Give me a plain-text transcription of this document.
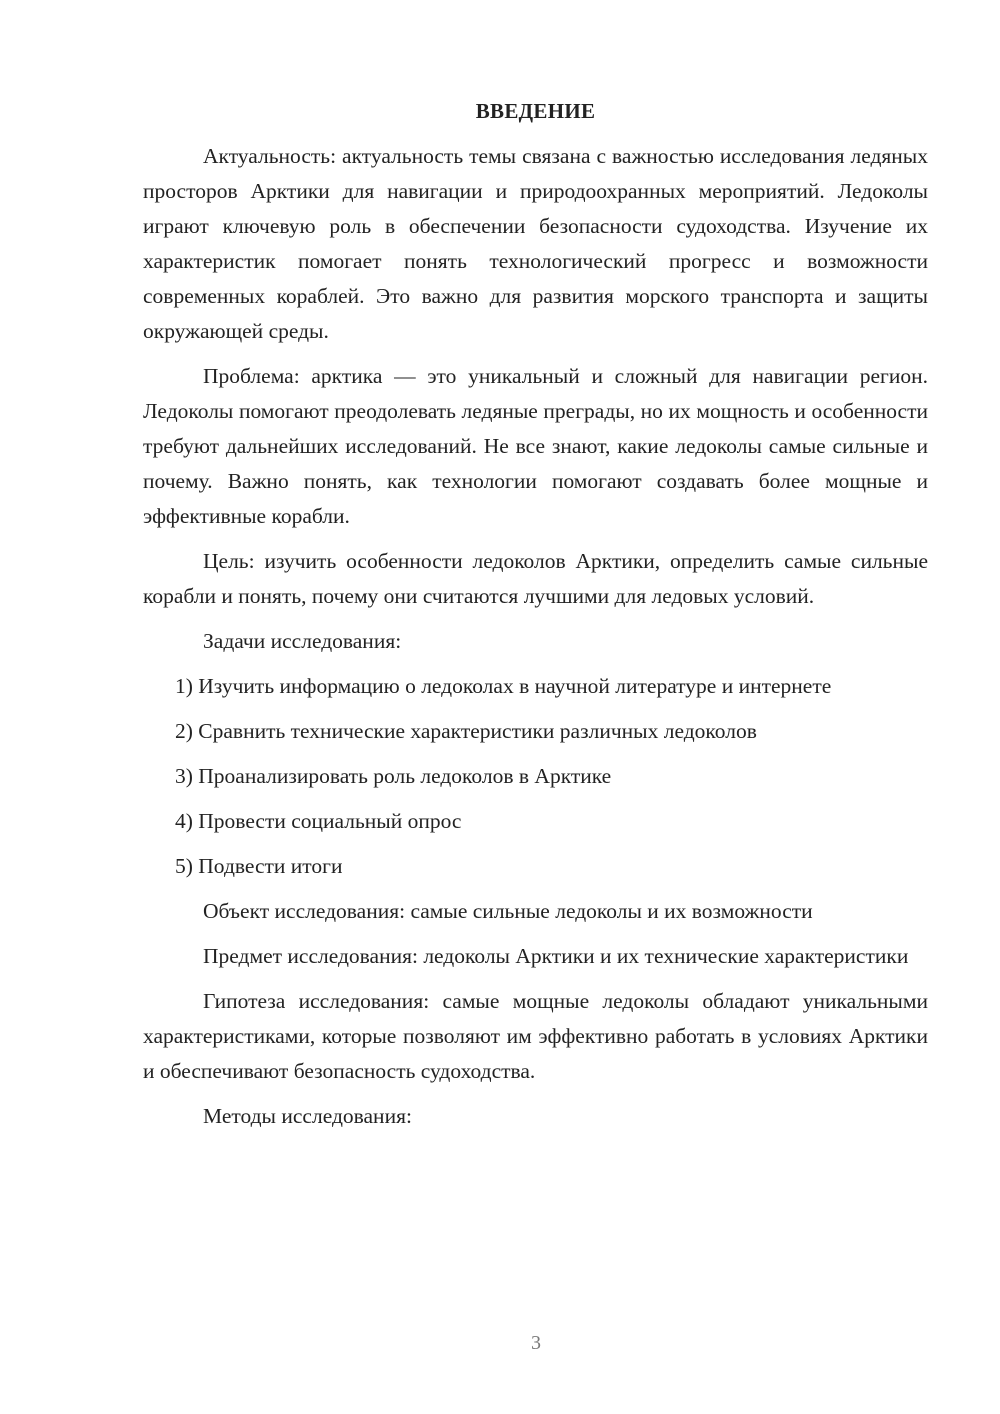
ВВЕДЕНИЕ

Актуальность: актуальность темы связана с важностью исследования ледяных просторов Арктики для навигации и природоохранных мероприятий. Ледоколы играют ключевую роль в обеспечении безопасности судоходства. Изучение их характеристик помогает понять технологический прогресс и возможности современных кораблей. Это важно для развития морского транспорта и защиты окружающей среды.

Проблема: арктика — это уникальный и сложный для навигации регион. Ледоколы помогают преодолевать ледяные преграды, но их мощность и особенности требуют дальнейших исследований. Не все знают, какие ледоколы самые сильные и почему. Важно понять, как технологии помогают создавать более мощные и эффективные корабли.

Цель: изучить особенности ледоколов Арктики, определить самые сильные корабли и понять, почему они считаются лучшими для ледовых условий.

Задачи исследования:

1) Изучить информацию о ледоколах в научной литературе и интернете

2) Сравнить технические характеристики различных ледоколов

3) Проанализировать роль ледоколов в Арктике

4) Провести социальный опрос

5) Подвести итоги

Объект исследования: самые сильные ледоколы и их возможности

Предмет исследования: ледоколы Арктики и их технические характеристики

Гипотеза исследования: самые мощные ледоколы обладают уникальными характеристиками, которые позволяют им эффективно работать в условиях Арктики и обеспечивают безопасность судоходства.

Методы исследования:

3
